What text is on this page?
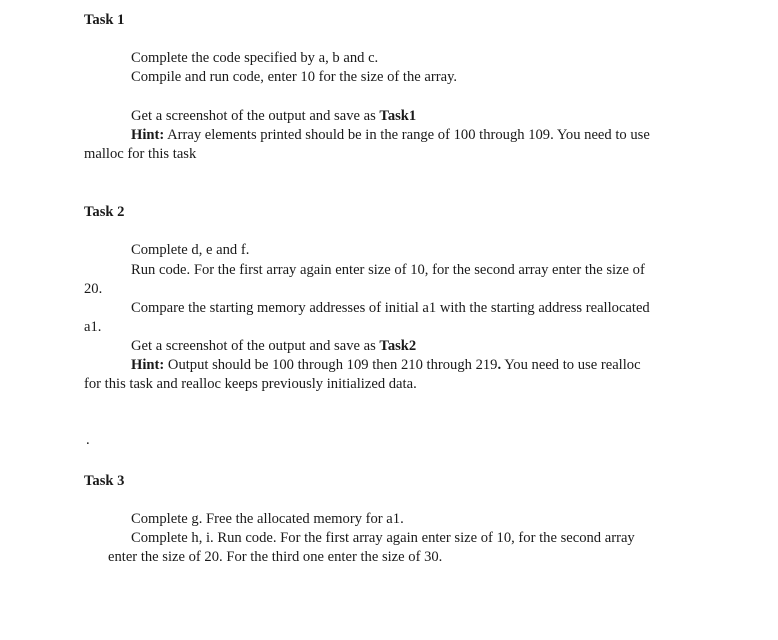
Task 1
Complete the code specified by a, b and c.
Compile and run code, enter 10 for the size of the array.
Get a screenshot of the output and save as Task1
Hint: Array elements printed should be in the range of 100 through 109. You need to use
malloc for this task
Task 2
Complete d, e and f.
Run code. For the first array again enter size of 10, for the second array enter the size of
20.
Compare the starting memory addresses of initial a1 with the starting address reallocated
a1.
Get a screenshot of the output and save as Task2
Hint: Output should be 100 through 109 then 210 through 219. You need to use realloc
for this task and realloc keeps previously initialized data.
.
Task 3
Complete g. Free the allocated memory for a1.
Complete h, i. Run code. For the first array again enter size of 10, for the second array
enter the size of 20. For the third one enter the size of 30.
